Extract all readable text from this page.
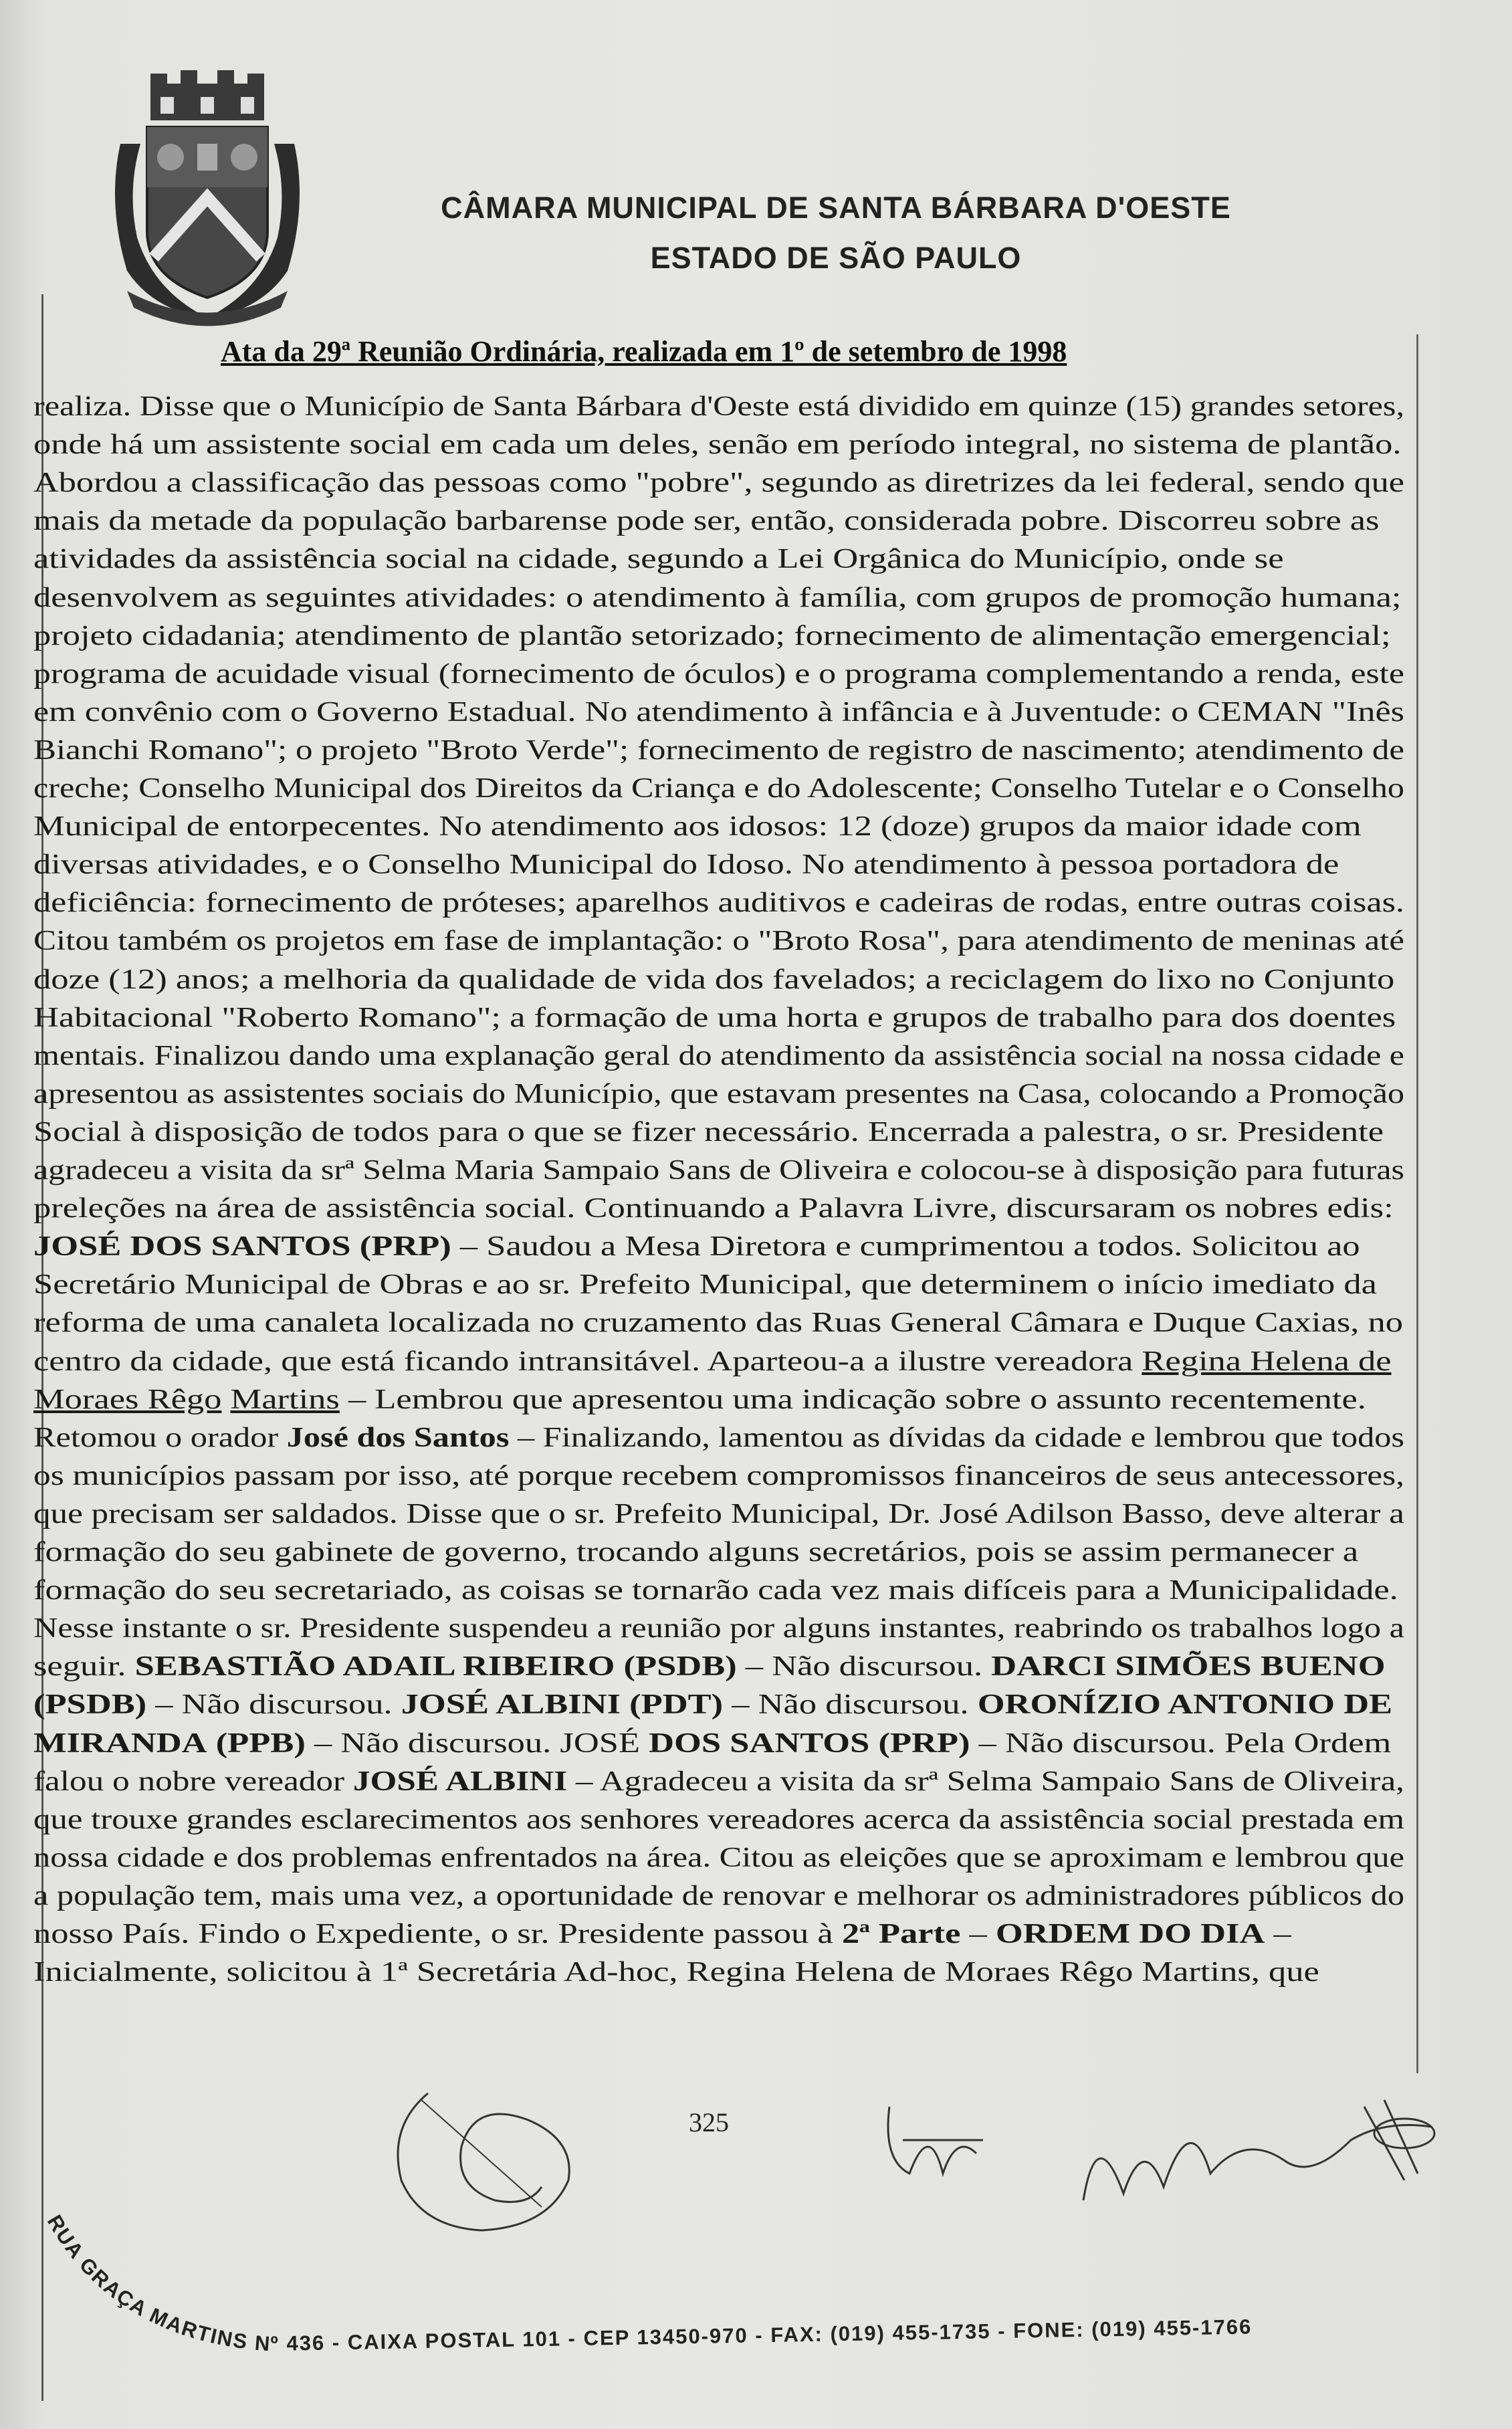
CÂMARA MUNICIPAL DE SANTA BÁRBARA D'OESTE
ESTADO DE SÃO PAULO
Ata da 29ª Reunião Ordinária, realizada em 1º de setembro de 1998
realiza. Disse que o Município de Santa Bárbara d'Oeste está dividido em quinze (15) grandes setores,
onde há um assistente social em cada um deles, senão em período integral, no sistema de plantão.
Abordou a classificação das pessoas como "pobre", segundo as diretrizes da lei federal, sendo que
mais da metade da população barbarense pode ser, então, considerada pobre. Discorreu sobre as
atividades da assistência social na cidade, segundo a Lei Orgânica do Município, onde se
desenvolvem as seguintes atividades: o atendimento à família, com grupos de promoção humana;
projeto cidadania; atendimento de plantão setorizado; fornecimento de alimentação emergencial;
programa de acuidade visual (fornecimento de óculos) e o programa complementando a renda, este
em convênio com o Governo Estadual. No atendimento à infância e à Juventude: o CEMAN "Inês
Bianchi Romano"; o projeto "Broto Verde"; fornecimento de registro de nascimento; atendimento de
creche; Conselho Municipal dos Direitos da Criança e do Adolescente; Conselho Tutelar e o Conselho
Municipal de entorpecentes. No atendimento aos idosos: 12 (doze) grupos da maior idade com
diversas atividades, e o Conselho Municipal do Idoso. No atendimento à pessoa portadora de
deficiência: fornecimento de próteses; aparelhos auditivos e cadeiras de rodas, entre outras coisas.
Citou também os projetos em fase de implantação: o "Broto Rosa", para atendimento de meninas até
doze (12) anos; a melhoria da qualidade de vida dos favelados; a reciclagem do lixo no Conjunto
Habitacional "Roberto Romano"; a formação de uma horta e grupos de trabalho para dos doentes
mentais. Finalizou dando uma explanação geral do atendimento da assistência social na nossa cidade e
apresentou as assistentes sociais do Município, que estavam presentes na Casa, colocando a Promoção
Social à disposição de todos para o que se fizer necessário. Encerrada a palestra, o sr. Presidente
agradeceu a visita da srª Selma Maria Sampaio Sans de Oliveira e colocou-se à disposição para futuras
preleções na área de assistência social. Continuando a Palavra Livre, discursaram os nobres edis:
JOSÉ DOS SANTOS (PRP) – Saudou a Mesa Diretora e cumprimentou a todos. Solicitou ao
Secretário Municipal de Obras e ao sr. Prefeito Municipal, que determinem o início imediato da
reforma de uma canaleta localizada no cruzamento das Ruas General Câmara e Duque Caxias, no
centro da cidade, que está ficando intransitável. Aparteou-a a ilustre vereadora Regina Helena de
Moraes Rêgo Martins – Lembrou que apresentou uma indicação sobre o assunto recentemente.
Retomou o orador José dos Santos – Finalizando, lamentou as dívidas da cidade e lembrou que todos
os municípios passam por isso, até porque recebem compromissos financeiros de seus antecessores,
que precisam ser saldados. Disse que o sr. Prefeito Municipal, Dr. José Adilson Basso, deve alterar a
formação do seu gabinete de governo, trocando alguns secretários, pois se assim permanecer a
formação do seu secretariado, as coisas se tornarão cada vez mais difíceis para a Municipalidade.
Nesse instante o sr. Presidente suspendeu a reunião por alguns instantes, reabrindo os trabalhos logo a
seguir. SEBASTIÃO ADAIL RIBEIRO (PSDB) – Não discursou. DARCI SIMÕES BUENO
(PSDB) – Não discursou. JOSÉ ALBINI (PDT) – Não discursou. ORONÍZIO ANTONIO DE
MIRANDA (PPB) – Não discursou. JOSÉ DOS SANTOS (PRP) – Não discursou. Pela Ordem
falou o nobre vereador JOSÉ ALBINI – Agradeceu a visita da srª Selma Sampaio Sans de Oliveira,
que trouxe grandes esclarecimentos aos senhores vereadores acerca da assistência social prestada em
nossa cidade e dos problemas enfrentados na área. Citou as eleições que se aproximam e lembrou que
a população tem, mais uma vez, a oportunidade de renovar e melhorar os administradores públicos do
nosso País. Findo o Expediente, o sr. Presidente passou à 2ª Parte – ORDEM DO DIA –
Inicialmente, solicitou à 1ª Secretária Ad-hoc, Regina Helena de Moraes Rêgo Martins, que
325
RUA GRAÇA MARTINS Nº 436 - CAIXA POSTAL 101 - CEP 13450-970 - FAX: (019) 455-1735 - FONE: (019) 455-1766
